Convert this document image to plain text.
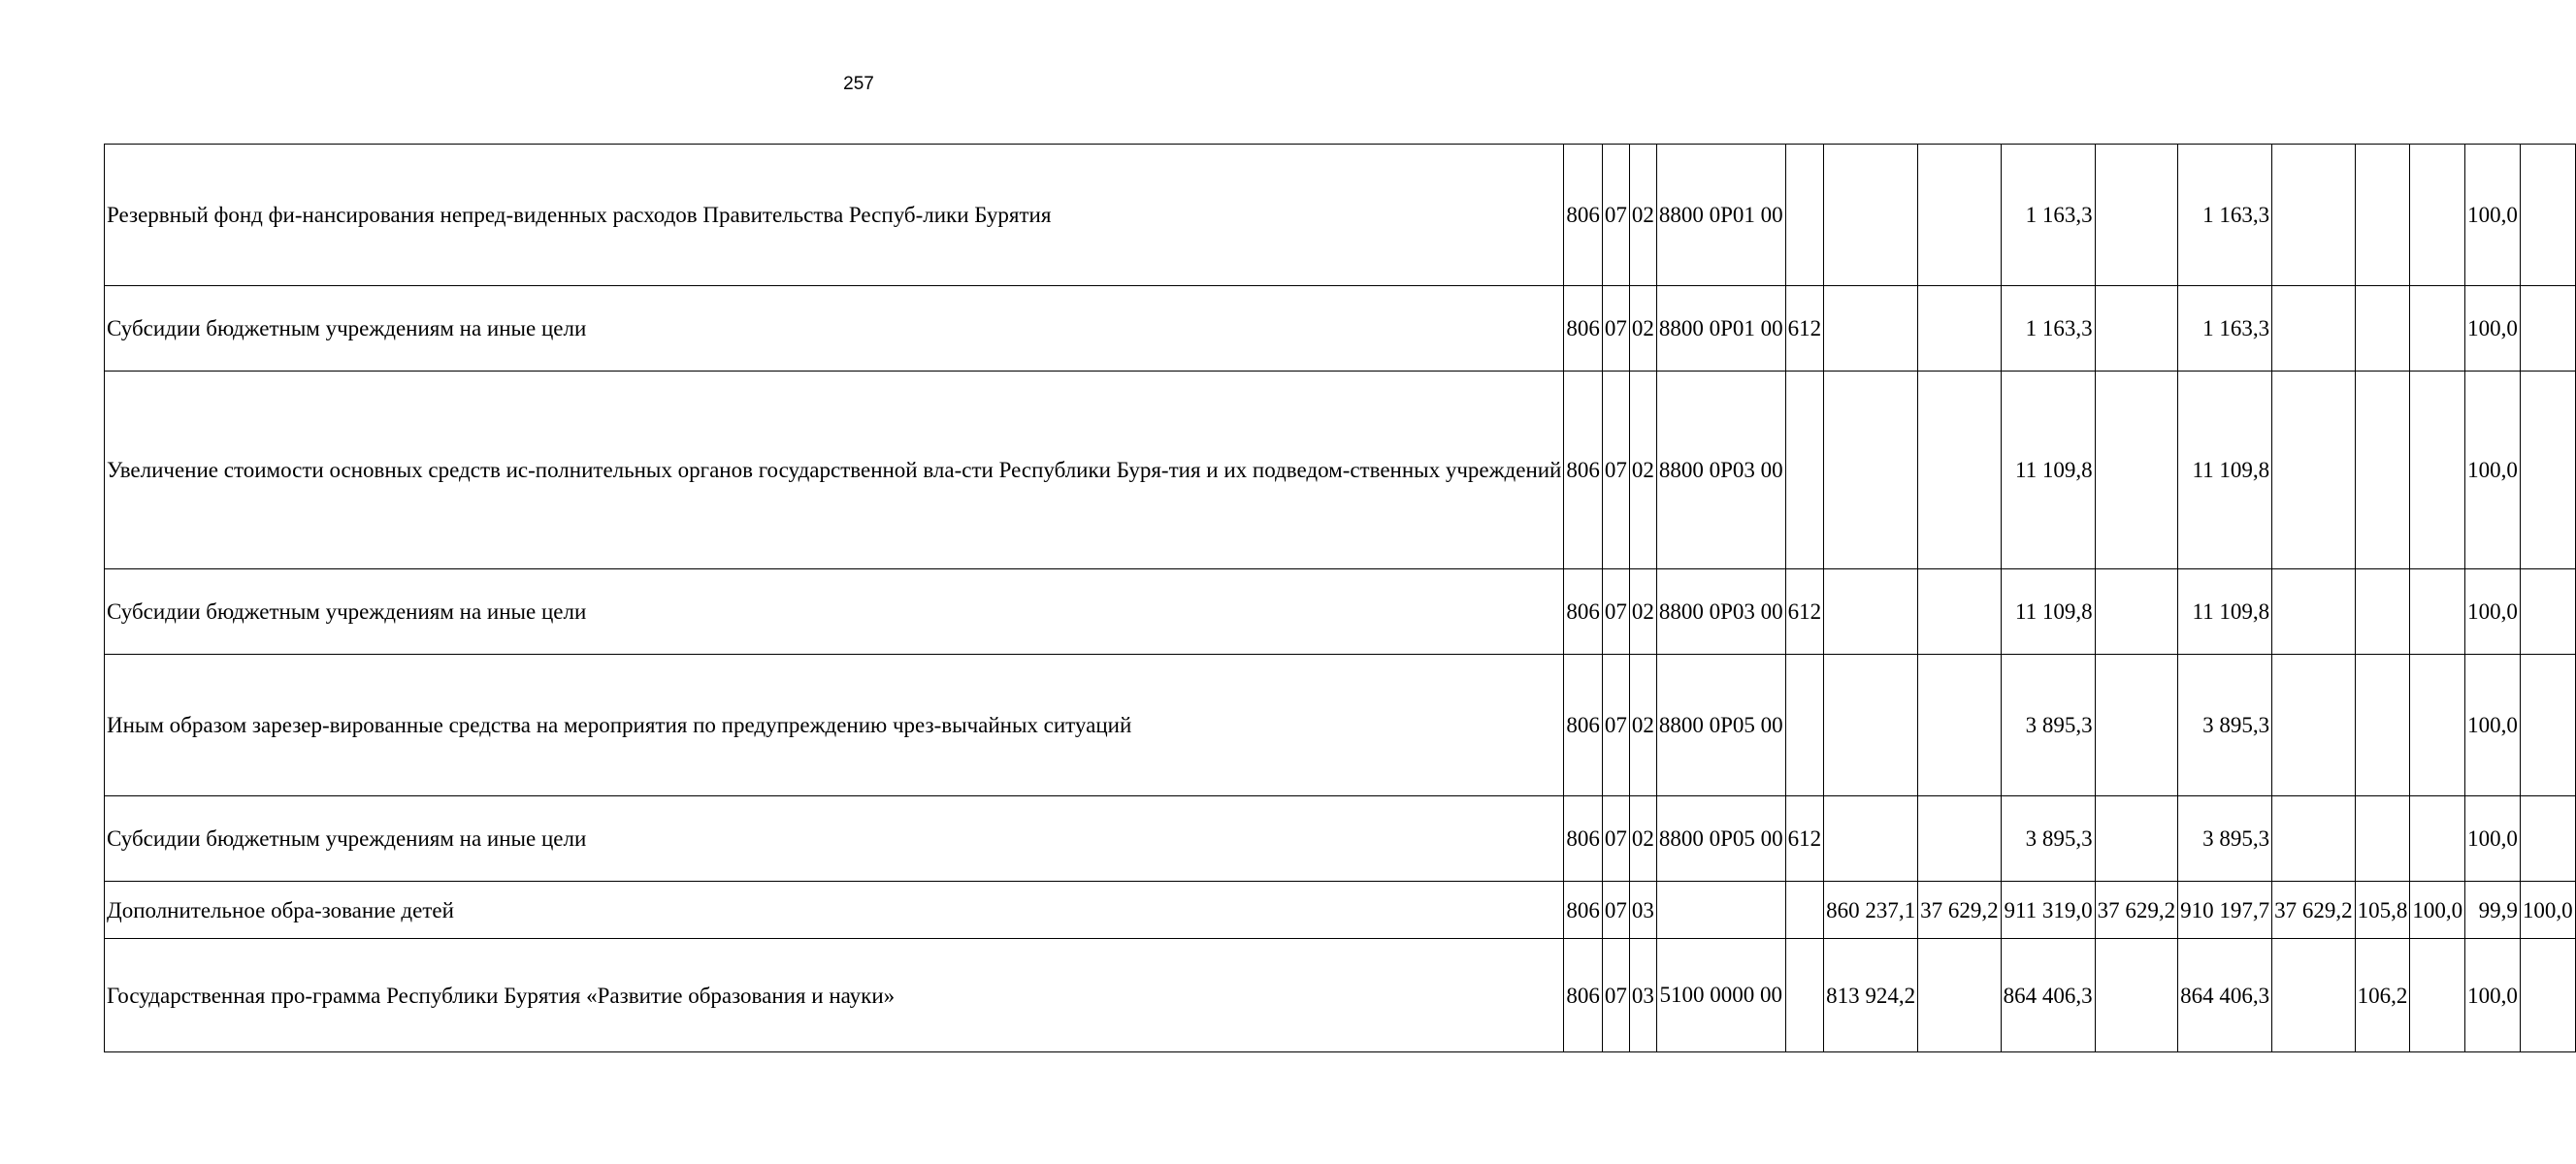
257
Резервный фонд фи-нансирования непред-виденных расходов Правительства Респуб-лики Бурятия	806	07	02	8800 0P01 00				1 163,3		1 163,3				100,0	
Субсидии бюджетным учреждениям на иные цели	806	07	02	8800 0P01 00	612			1 163,3		1 163,3				100,0	
Увеличение стоимости основных средств ис-полнительных органов государственной вла-сти Республики Буря-тия и их подведом-ственных учреждений	806	07	02	8800 0P03 00				11 109,8		11 109,8				100,0	
Субсидии бюджетным учреждениям на иные цели	806	07	02	8800 0P03 00	612			11 109,8		11 109,8				100,0	
Иным образом зарезер-вированные средства на мероприятия по предупреждению чрез-вычайных ситуаций	806	07	02	8800 0P05 00				3 895,3		3 895,3				100,0	
Субсидии бюджетным учреждениям на иные цели	806	07	02	8800 0P05 00	612			3 895,3		3 895,3				100,0	
Дополнительное обра-зование детей	806	07	03			860 237,1	37 629,2	911 319,0	37 629,2	910 197,7	37 629,2	105,8	100,0	99,9	100,0
Государственная про-грамма Республики Бурятия «Развитие образования и науки»	806	07	03	5100 0000 00		813 924,2		864 406,3		864 406,3		106,2		100,0	
